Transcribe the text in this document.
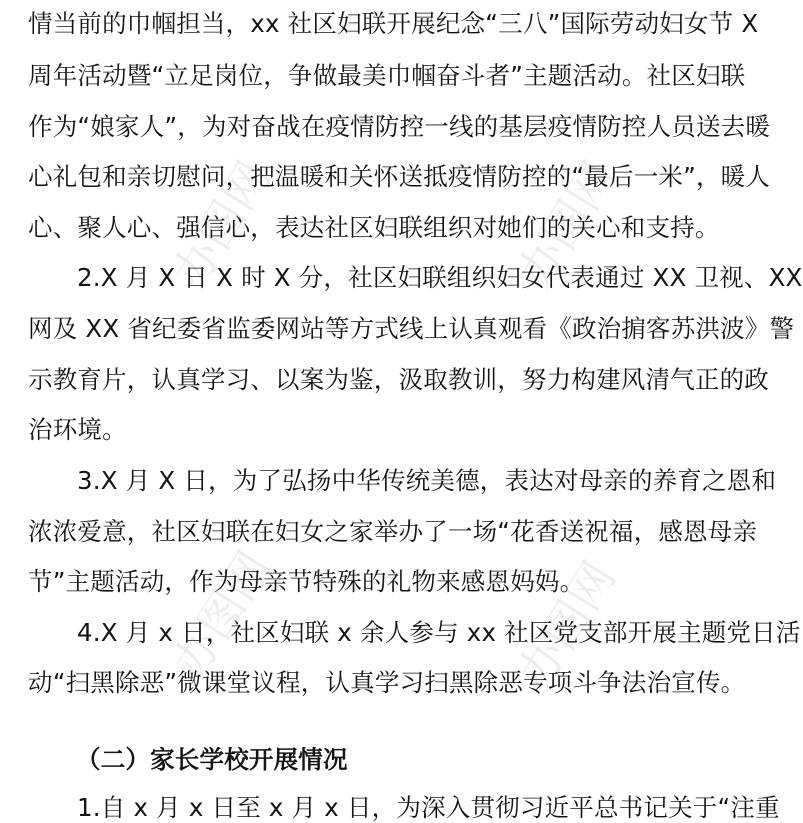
办图网	办图网
办图网	办图网
情当前的巾帼担当，xx 社区妇联开展纪念“三八”国际劳动妇女节 X
周年活动暨“立足岗位，争做最美巾帼奋斗者”主题活动。社区妇联
作为“娘家人”，为对奋战在疫情防控一线的基层疫情防控人员送去暖
心礼包和亲切慰问，把温暖和关怀送抵疫情防控的“最后一米”，暖人
心、聚人心、强信心，表达社区妇联组织对她们的关心和支持。
2.X 月 X 日 X 时 X 分，社区妇联组织妇女代表通过 XX 卫视、XX
网及 XX 省纪委省监委网站等方式线上认真观看《政治掮客苏洪波》警
示教育片，认真学习、以案为鉴，汲取教训，努力构建风清气正的政
治环境。
3.X 月 X 日，为了弘扬中华传统美德，表达对母亲的养育之恩和
浓浓爱意，社区妇联在妇女之家举办了一场“花香送祝福，感恩母亲
节”主题活动，作为母亲节特殊的礼物来感恩妈妈。
4.X 月 x 日，社区妇联 x 余人参与 xx 社区党支部开展主题党日活
动“扫黑除恶”微课堂议程，认真学习扫黑除恶专项斗争法治宣传。
（二）家长学校开展情况
1.自 x 月 x 日至 x 月 x 日，为深入贯彻习近平总书记关于“注重
